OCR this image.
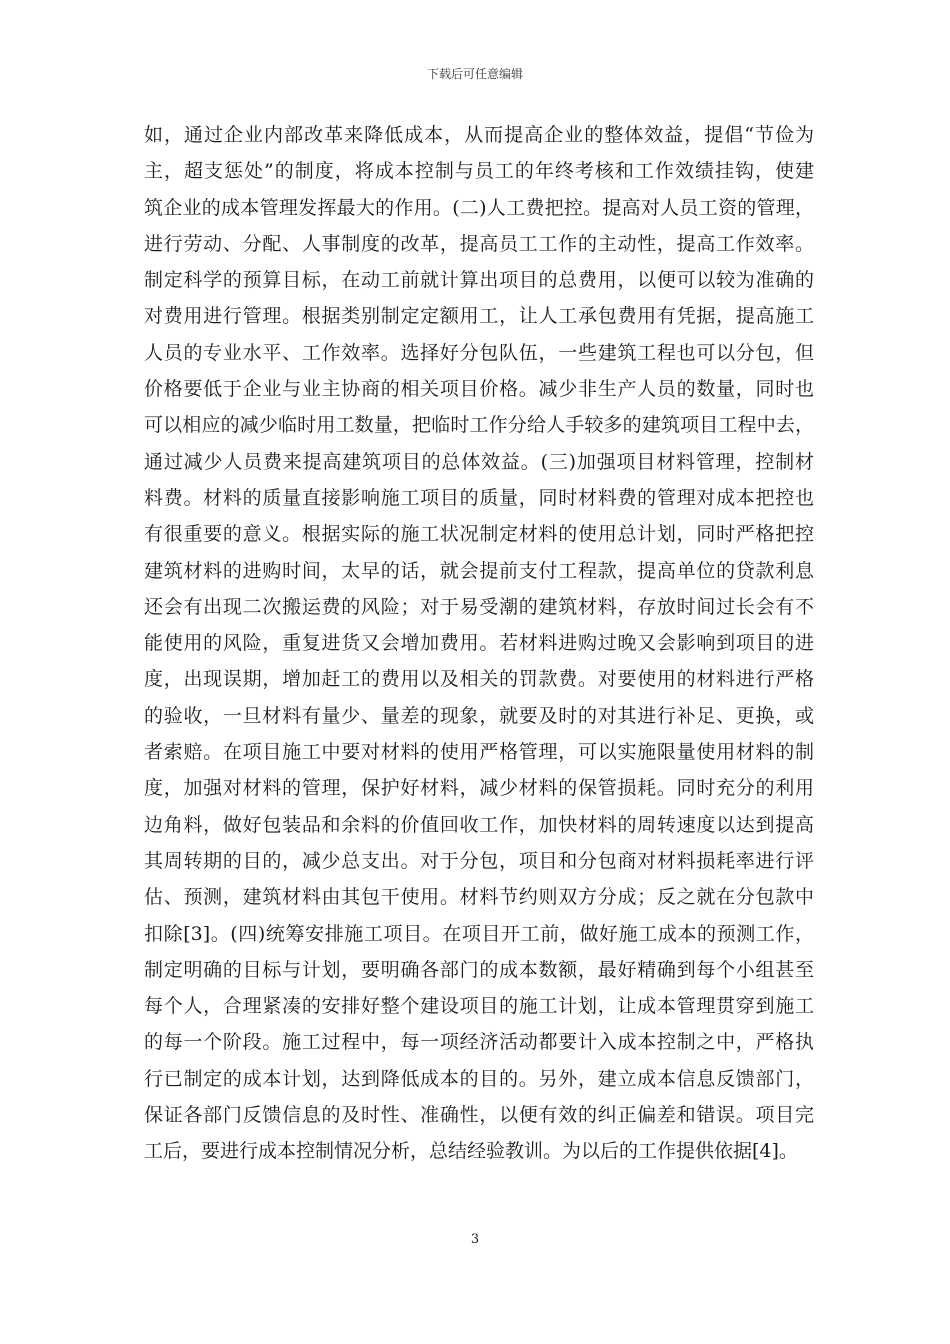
下载后可任意编辑
如，通过企业内部改革来降低成本，从而提高企业的整体效益，提倡“节俭为
主，超支惩处”的制度，将成本控制与员工的年终考核和工作效绩挂钩，使建
筑企业的成本管理发挥最大的作用。(二)人工费把控。提高对人员工资的管理，
进行劳动、分配、人事制度的改革，提高员工工作的主动性，提高工作效率。
制定科学的预算目标，在动工前就计算出项目的总费用，以便可以较为准确的
对费用进行管理。根据类别制定定额用工，让人工承包费用有凭据，提高施工
人员的专业水平、工作效率。选择好分包队伍，一些建筑工程也可以分包，但
价格要低于企业与业主协商的相关项目价格。减少非生产人员的数量，同时也
可以相应的减少临时用工数量，把临时工作分给人手较多的建筑项目工程中去，
通过减少人员费来提高建筑项目的总体效益。(三)加强项目材料管理，控制材
料费。材料的质量直接影响施工项目的质量，同时材料费的管理对成本把控也
有很重要的意义。根据实际的施工状况制定材料的使用总计划，同时严格把控
建筑材料的进购时间，太早的话，就会提前支付工程款，提高单位的贷款利息
还会有出现二次搬运费的风险；对于易受潮的建筑材料，存放时间过长会有不
能使用的风险，重复进货又会增加费用。若材料进购过晚又会影响到项目的进
度，出现误期，增加赶工的费用以及相关的罚款费。对要使用的材料进行严格
的验收，一旦材料有量少、量差的现象，就要及时的对其进行补足、更换，或
者索赔。在项目施工中要对材料的使用严格管理，可以实施限量使用材料的制
度，加强对材料的管理，保护好材料，减少材料的保管损耗。同时充分的利用
边角料，做好包装品和余料的价值回收工作，加快材料的周转速度以达到提高
其周转期的目的，减少总支出。对于分包，项目和分包商对材料损耗率进行评
估、预测，建筑材料由其包干使用。材料节约则双方分成；反之就在分包款中
扣除[3]。(四)统筹安排施工项目。在项目开工前，做好施工成本的预测工作，
制定明确的目标与计划，要明确各部门的成本数额，最好精确到每个小组甚至
每个人，合理紧凑的安排好整个建设项目的施工计划，让成本管理贯穿到施工
的每一个阶段。施工过程中，每一项经济活动都要计入成本控制之中，严格执
行已制定的成本计划，达到降低成本的目的。另外，建立成本信息反馈部门，
保证各部门反馈信息的及时性、准确性，以便有效的纠正偏差和错误。项目完
工后，要进行成本控制情况分析，总结经验教训。为以后的工作提供依据[4]。
3
